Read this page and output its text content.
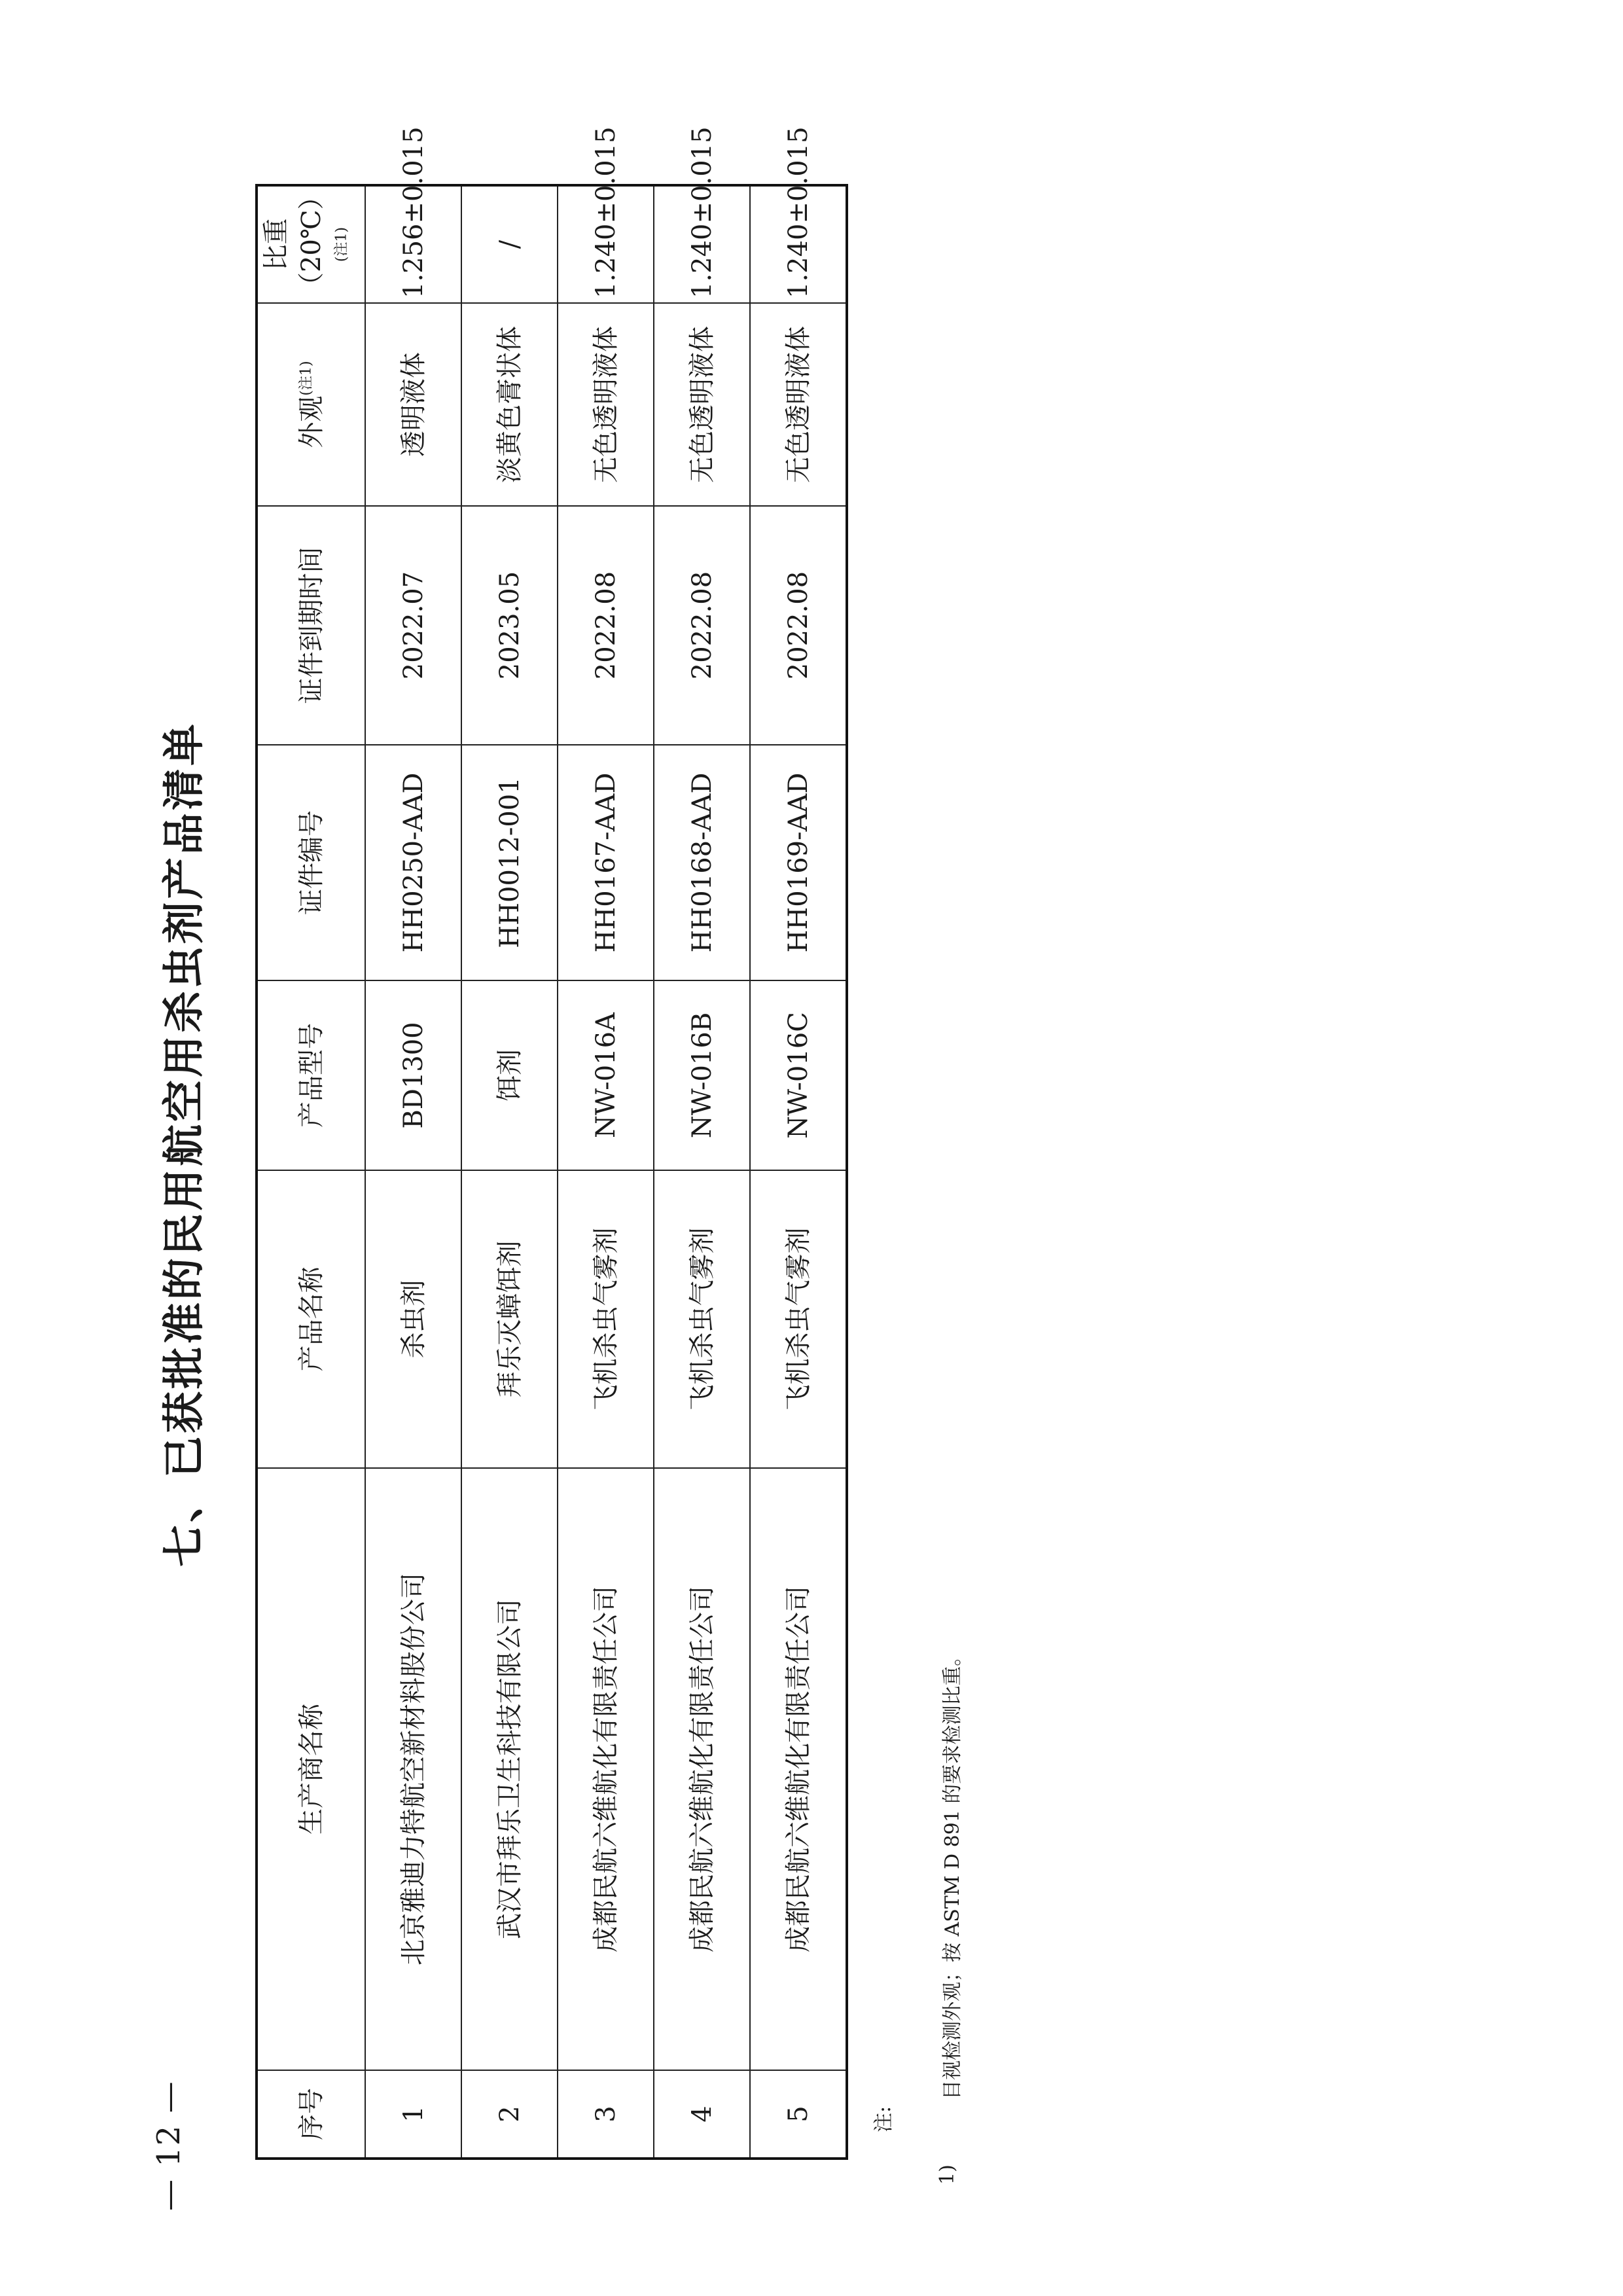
七、已获批准的民用航空用杀虫剂产品清单
序号	生产商名称	产品名称	产品型号	证件编号	证件到期时间	外观$^{(注1)}$	比重 （20℃） $^{(注1)}$
1	北京雅迪力特航空新材料股份公司	杀虫剂	BD1300	HH0250-AAD	2022.07	透明液体	1.256±0.015
2	武汉市拜乐卫生科技有限公司	拜乐灭蟑饵剂	饵剂	HH0012-001	2023.05	淡黄色膏状体	/
3	成都民航六维航化有限责任公司	飞机杀虫气雾剂	NW-016A	HH0167-AAD	2022.08	无色透明液体	1.240±0.015
4	成都民航六维航化有限责任公司	飞机杀虫气雾剂	NW-016B	HH0168-AAD	2022.08	无色透明液体	1.240±0.015
5	成都民航六维航化有限责任公司	飞机杀虫气雾剂	NW-016C	HH0169-AAD	2022.08	无色透明液体	1.240±0.015
— 12 —	注:
1)
目视检测外观；按 ASTM D 891 的要求检测比重。
